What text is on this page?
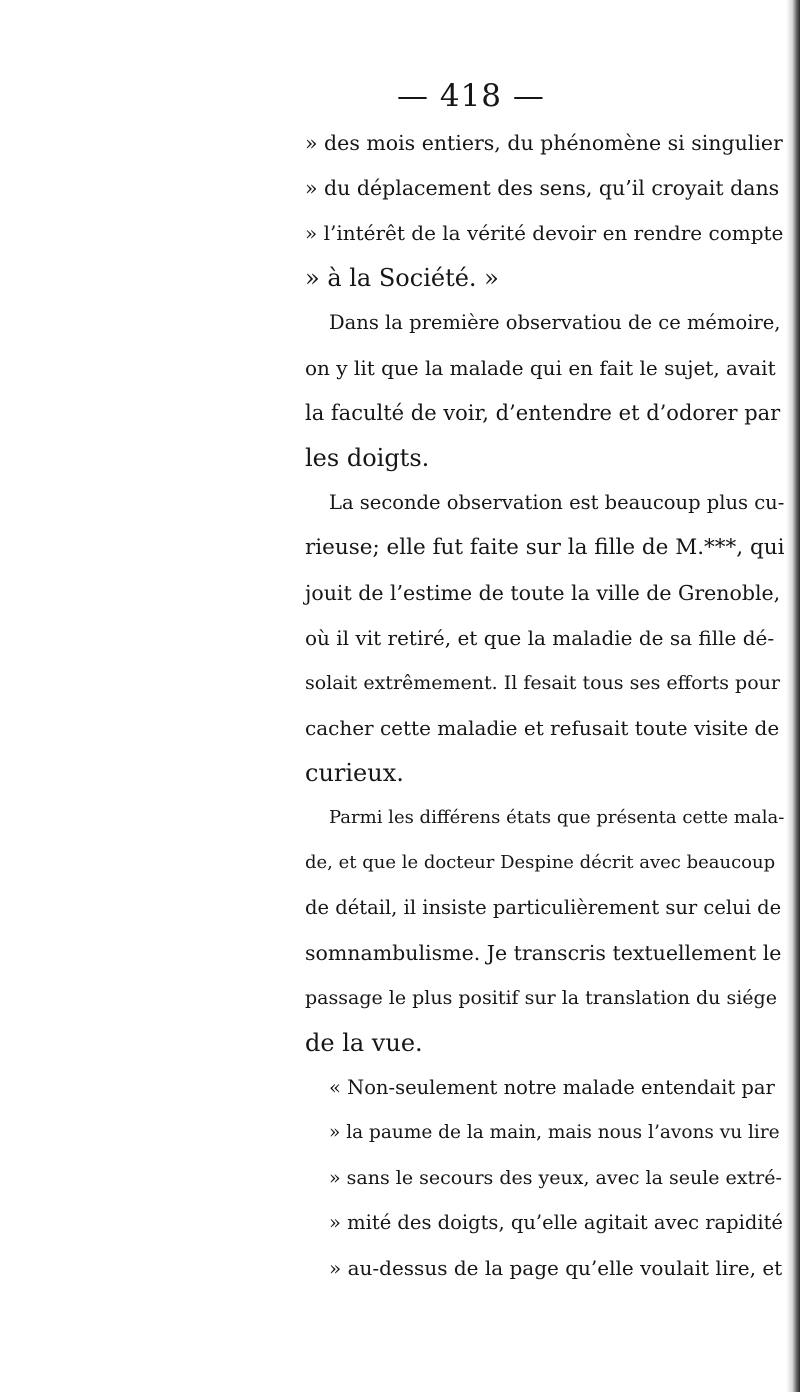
— 418 —
» des mois entiers, du phénomène si singulier
» du déplacement des sens, qu’il croyait dans
» l’intérêt de la vérité devoir en rendre compte
» à la Société. »
Dans la première observatiou de ce mémoire,
on y lit que la malade qui en fait le sujet, avait
la faculté de voir, d’entendre et d’odorer par
les doigts.
La seconde observation est beaucoup plus cu-
rieuse; elle fut faite sur la fille de M.***, qui
jouit de l’estime de toute la ville de Grenoble,
où il vit retiré, et que la maladie de sa fille dé-
solait extrêmement. Il fesait tous ses efforts pour
cacher cette maladie et refusait toute visite de
curieux.
Parmi les différens états que présenta cette mala-
de, et que le docteur Despine décrit avec beaucoup
de détail, il insiste particulièrement sur celui de
somnambulisme. Je transcris textuellement le
passage le plus positif sur la translation du siége
de la vue.
« Non-seulement notre malade entendait par
» la paume de la main, mais nous l’avons vu lire
» sans le secours des yeux, avec la seule extré-
» mité des doigts, qu’elle agitait avec rapidité
» au-dessus de la page qu’elle voulait lire, et
